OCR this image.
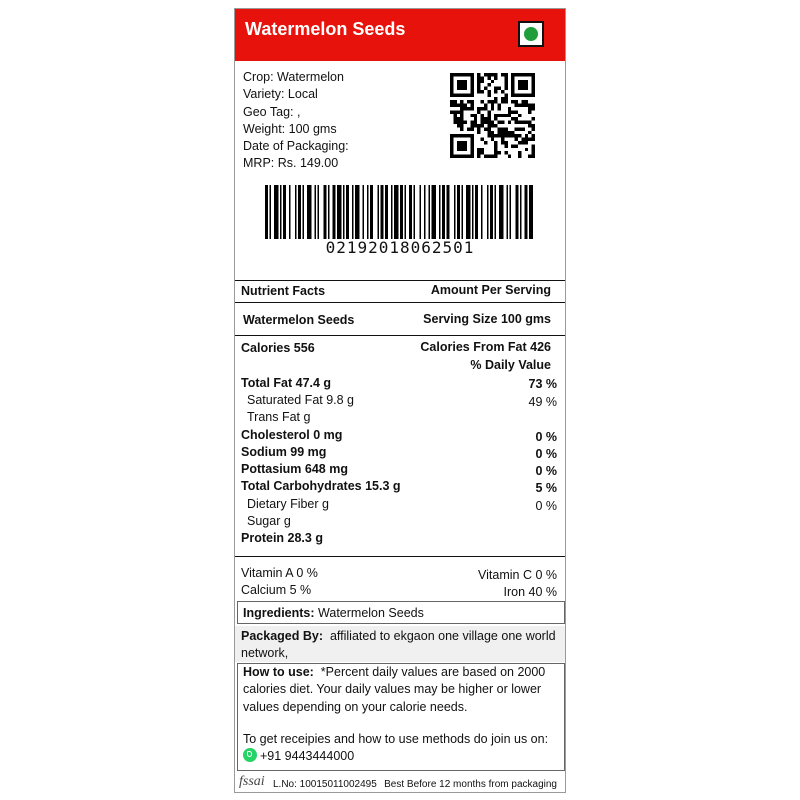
Watermelon Seeds
Crop: Watermelon
Variety: Local
Geo Tag: ,
Weight: 100 gms
Date of Packaging:
MRP: Rs. 149.00
02192018062501
Nutrient Facts	Amount Per Serving
Watermelon Seeds	Serving Size 100 gms
Calories 556	Calories From Fat 426
% Daily Value
Total Fat 47.4 g	73 %
Saturated Fat 9.8 g	49 %
Trans Fat g
Cholesterol 0 mg	0 %
Sodium 99 mg	0 %
Pottasium 648 mg	0 %
Total Carbohydrates 15.3 g	5 %
Dietary Fiber g	0 %
Sugar g
Protein 28.3 g
Vitamin A 0 %	Vitamin C 0 %
Calcium 5 %	Iron 40 %
Ingredients: Watermelon Seeds
Packaged By: affiliated to ekgaon one village one world network,
How to use: *Percent daily values are based on 2000 calories diet. Your daily values may be higher or lower values depending on your calorie needs.
To get receipies and how to use methods do join us on:
+91 9443444000
fssai L.No: 10015011002495 Best Before 12 months from packaging
